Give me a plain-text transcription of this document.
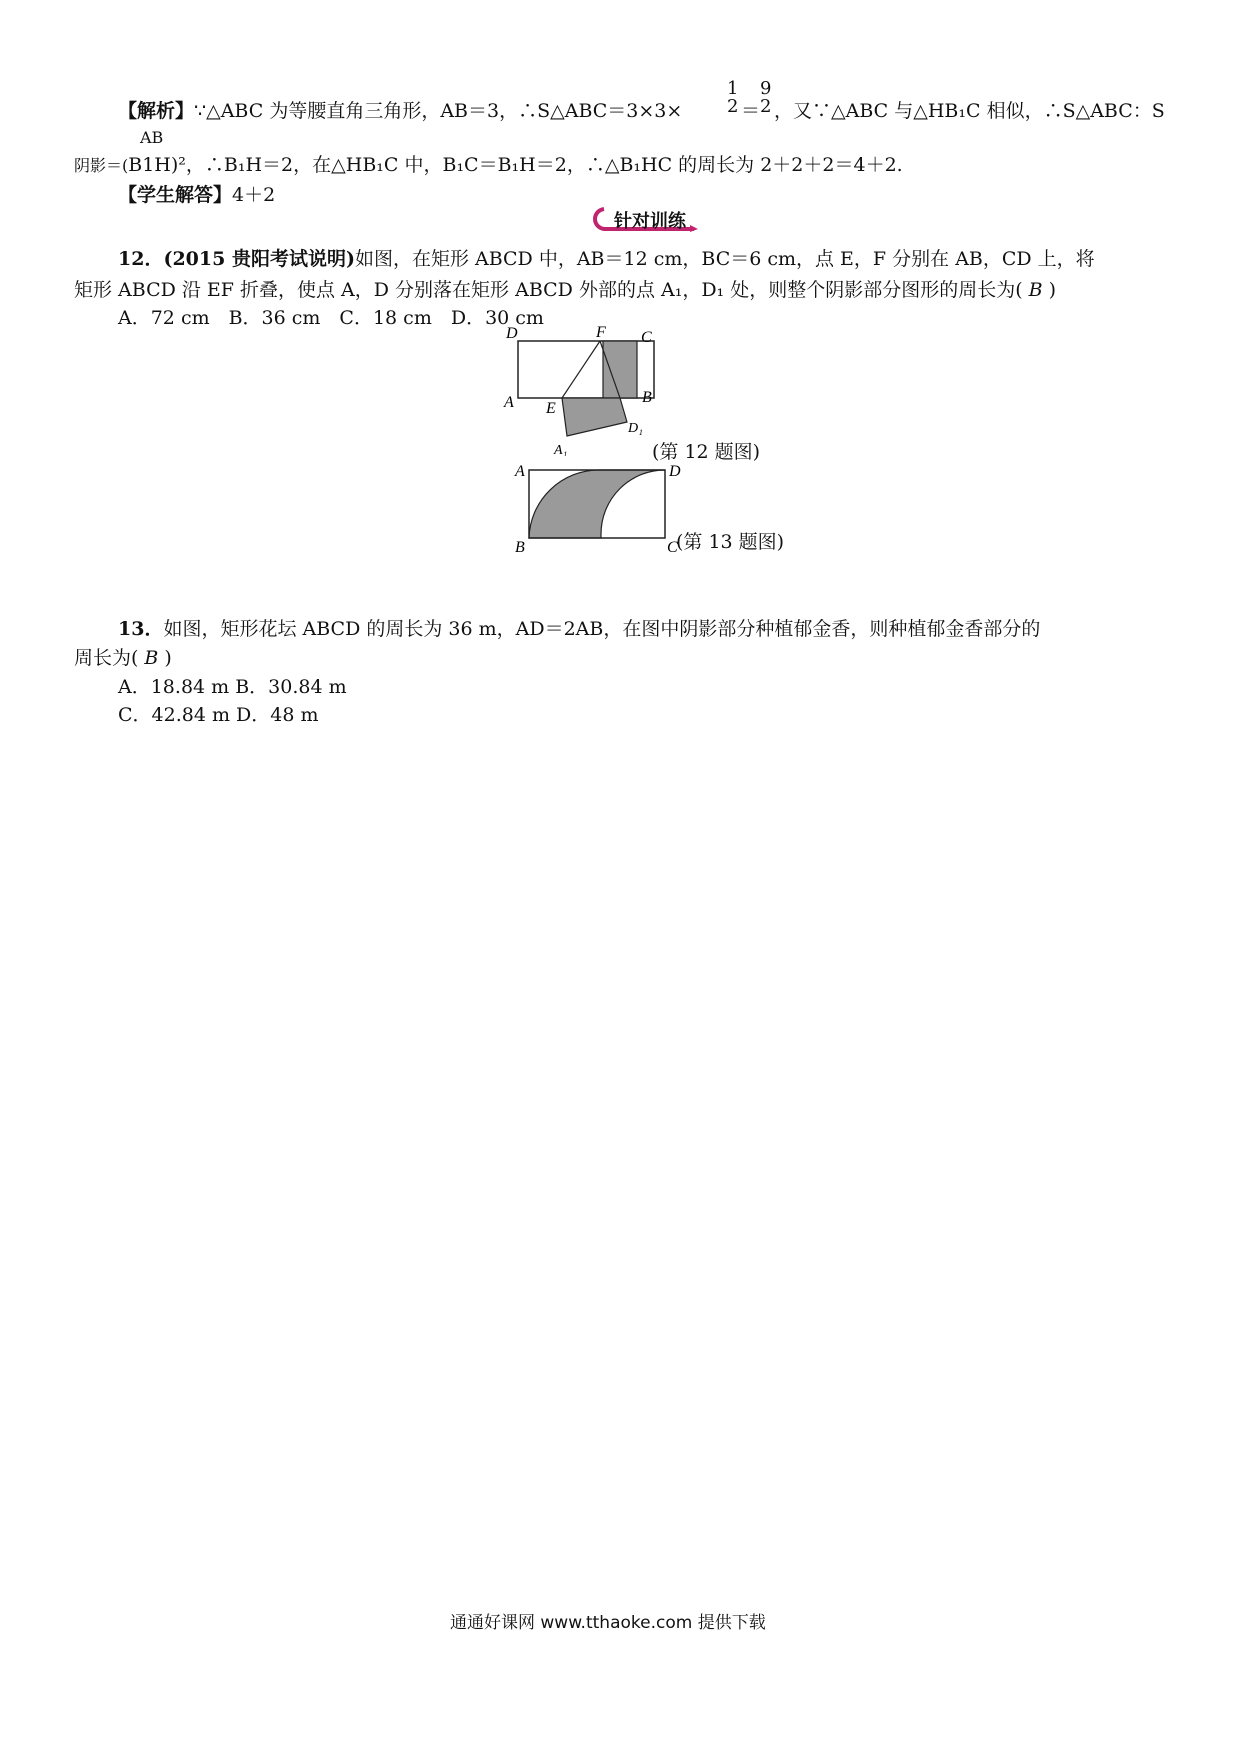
【解析】∵△ABC 为等腰直角三角形，AB＝3，∴S△ABC＝3×3×
1
2 ＝
9
2 ，又∵△ABC 与△HB₁C 相似，∴S△ABC：S
AB
阴影＝(B1H)²，∴B₁H＝2，在△HB₁C 中，B₁C＝B₁H＝2，∴△B₁HC 的周长为 2＋2＋2＝4＋2.
【学生解答】4＋2
针对训练
12．(2015 贵阳考试说明)如图，在矩形 ABCD 中，AB＝12 cm，BC＝6 cm，点 E，F 分别在 AB，CD 上，将
矩形 ABCD 沿 EF 折叠，使点 A，D 分别落在矩形 ABCD 外部的点 A₁，D₁ 处，则整个阴影部分图形的周长为( B )
A．72 cm　B．36 cm　C．18 cm　D．30 cm
D	F C
A	B
E
D₁
A₁	(第 12 题图)
A	D
B	C
(第 13 题图)
13．如图，矩形花坛 ABCD 的周长为 36 m，AD＝2AB，在图中阴影部分种植郁金香，则种植郁金香部分的
周长为( B )
A．18.84 m B．30.84 m
C．42.84 m D．48 m
通通好课网 www.tthaoke.com 提供下载
